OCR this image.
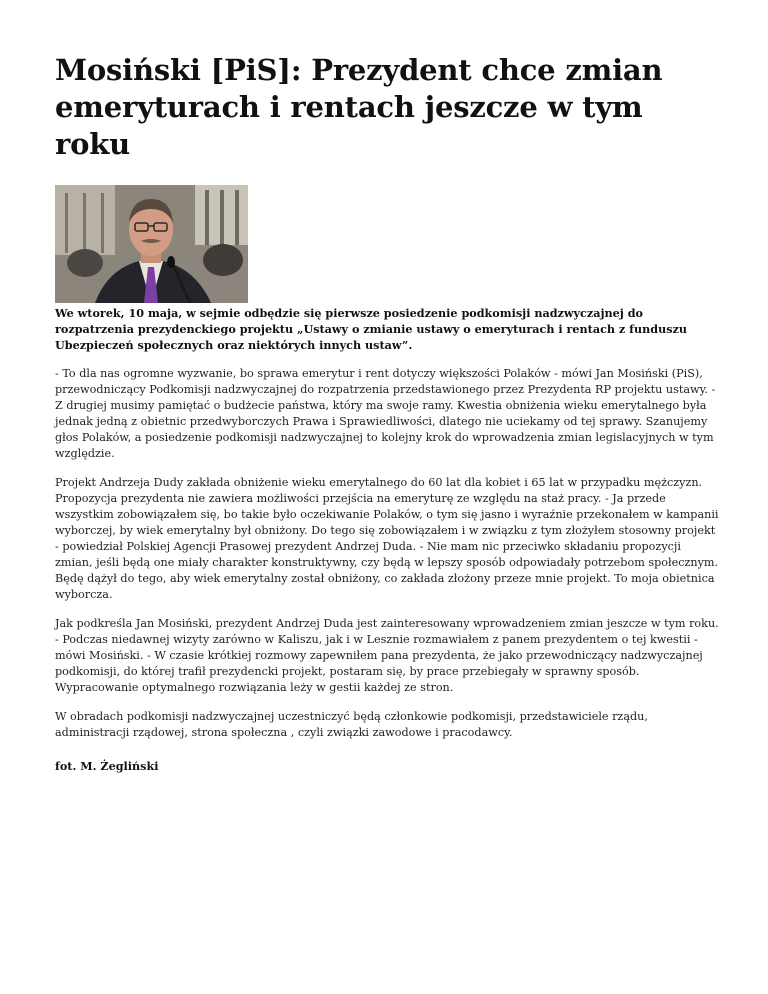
Mosiński [PiS]: Prezydent chce zmian emeryturach i rentach jeszcze w tym roku

We wtorek, 10 maja, w sejmie odbędzie się pierwsze posiedzenie podkomisji nadzwyczajnej do rozpatrzenia prezydenckiego projektu „Ustawy o zmianie ustawy o emeryturach i rentach z funduszu Ubezpieczeń społecznych oraz niektórych innych ustaw”.

- To dla nas ogromne wyzwanie, bo sprawa emerytur i rent dotyczy większości Polaków - mówi Jan Mosiński (PiS), przewodniczący Podkomisji nadzwyczajnej do rozpatrzenia przedstawionego przez Prezydenta RP projektu ustawy. - Z drugiej musimy pamiętać o budżecie państwa, który ma swoje ramy. Kwestia obniżenia wieku emerytalnego była jednak jedną z obietnic przedwyborczych Prawa i Sprawiedliwości, dlatego nie uciekamy od tej sprawy. Szanujemy głos Polaków, a posiedzenie podkomisji nadzwyczajnej to kolejny krok do wprowadzenia zmian legislacyjnych w tym względzie.

Projekt Andrzeja Dudy zakłada obniżenie wieku emerytalnego do 60 lat dla kobiet i 65 lat w przypadku mężczyzn. Propozycja prezydenta nie zawiera możliwości przejścia na emeryturę ze względu na staż pracy. - Ja przede wszystkim zobowiązałem się, bo takie było oczekiwanie Polaków, o tym się jasno i wyraźnie przekonałem w kampanii wyborczej, by wiek emerytalny był obniżony. Do tego się zobowiązałem i w związku z tym złożyłem stosowny projekt - powiedział Polskiej Agencji Prasowej prezydent Andrzej Duda. - Nie mam nic przeciwko składaniu propozycji zmian, jeśli będą one miały charakter konstruktywny, czy będą w lepszy sposób odpowiadały potrzebom społecznym. Będę dążył do tego, aby wiek emerytalny został obniżony, co zakłada złożony przeze mnie projekt. To moja obietnica wyborcza.

Jak podkreśla Jan Mosiński, prezydent Andrzej Duda jest zainteresowany wprowadzeniem zmian jeszcze w tym roku. - Podczas niedawnej wizyty zarówno w Kaliszu, jak i w Lesznie rozmawiałem z panem prezydentem o tej kwestii - mówi Mosiński. - W czasie krótkiej rozmowy zapewniłem pana prezydenta, że jako przewodniczący nadzwyczajnej podkomisji, do której trafił prezydencki projekt, postaram się, by prace przebiegały w sprawny sposób. Wypracowanie optymalnego rozwiązania leży w gestii każdej ze stron.

W obradach podkomisji nadzwyczajnej uczestniczyć będą członkowie podkomisji, przedstawiciele rządu, administracji rządowej, strona społeczna , czyli związki zawodowe i pracodawcy.

fot. M. Żegliński
